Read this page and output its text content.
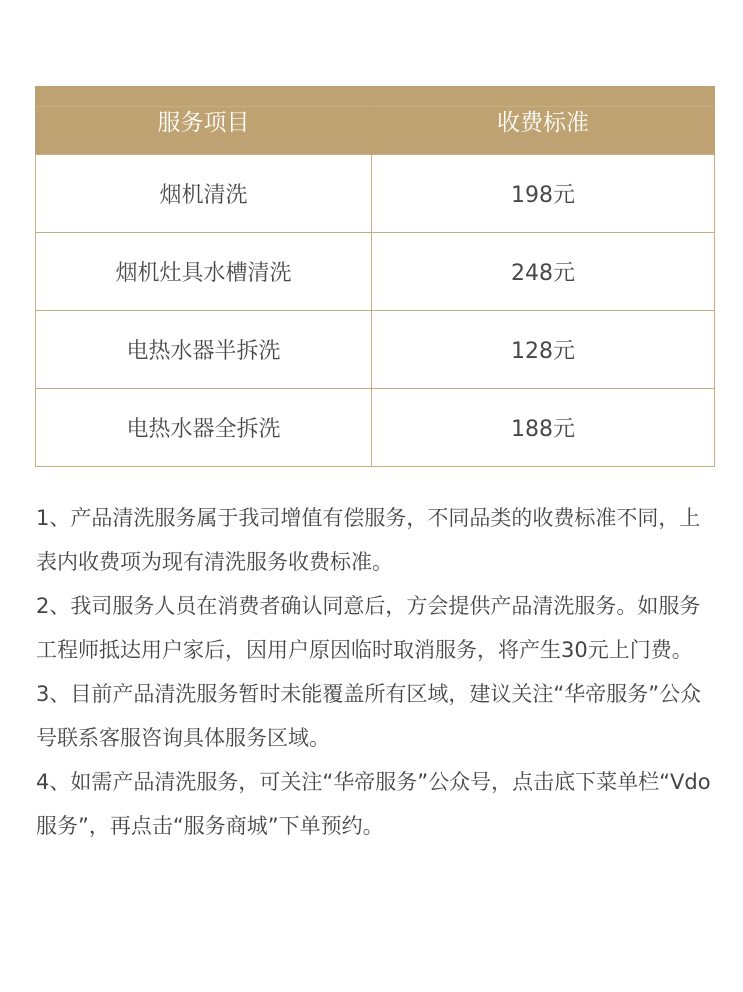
服务项目	收费标准
烟机清洗	198元
烟机灶具水槽清洗	248元
电热水器半拆洗	128元
电热水器全拆洗	188元

1、产品清洗服务属于我司增值有偿服务，不同品类的收费标准不同，上表内收费项为现有清洗服务收费标准。

2、我司服务人员在消费者确认同意后，方会提供产品清洗服务。如服务工程师抵达用户家后，因用户原因临时取消服务，将产生30元上门费。

3、目前产品清洗服务暂时未能覆盖所有区域，建议关注“华帝服务”公众号联系客服咨询具体服务区域。

4、如需产品清洗服务，可关注“华帝服务”公众号，点击底下菜单栏“Vdo服务”，再点击“服务商城”下单预约。
